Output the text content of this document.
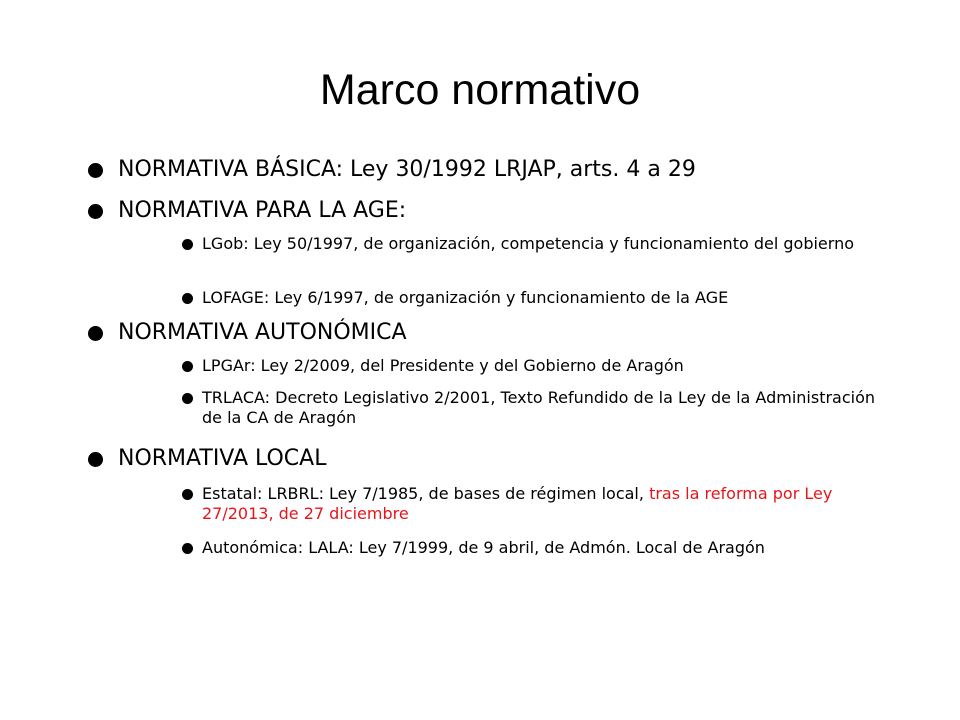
Marco normativo
NORMATIVA BÁSICA: Ley 30/1992 LRJAP, arts. 4 a 29
NORMATIVA PARA LA AGE:
LGob: Ley 50/1997, de organización, competencia y funcionamiento del gobierno
LOFAGE: Ley 6/1997, de organización y funcionamiento de la AGE
NORMATIVA AUTONÓMICA
LPGAr: Ley 2/2009, del Presidente y del Gobierno de Aragón
TRLACA: Decreto Legislativo 2/2001, Texto Refundido de la Ley de la Administración de la CA de Aragón
NORMATIVA LOCAL
Estatal: LRBRL: Ley 7/1985, de bases de régimen local, tras la reforma por Ley 27/2013, de 27 diciembre
Autonómica: LALA: Ley 7/1999, de 9 abril, de Admón. Local de Aragón
